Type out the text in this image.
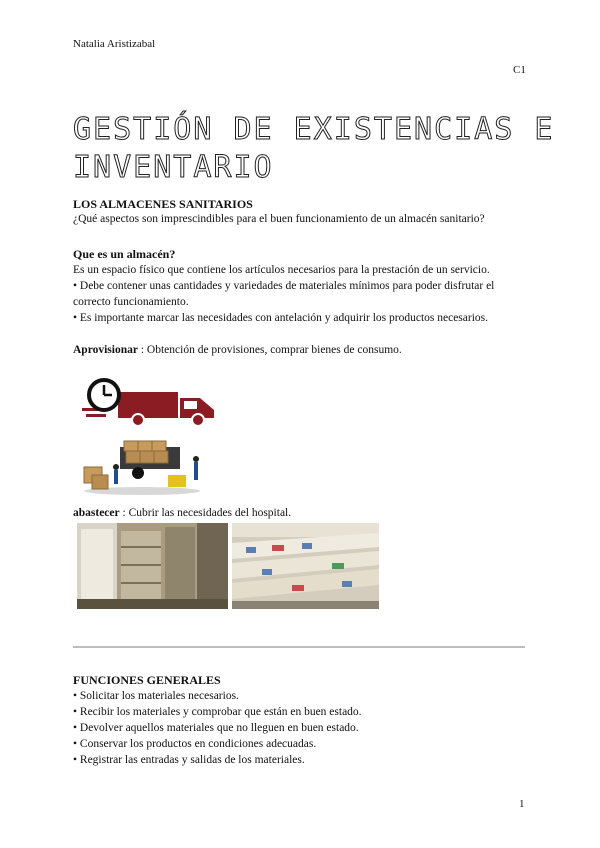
Natalia Aristizabal
C1
GESTIÓN DE EXISTENCIAS E
INVENTARIO
LOS ALMACENES SANITARIOS
¿Qué aspectos son imprescindibles para el buen funcionamiento de un almacén sanitario?
Que es un almacén?
Es un espacio físico que contiene los artículos necesarios para la prestación de un servicio.
• Debe contener unas cantidades y variedades de materiales mínimos para poder disfrutar el
correcto funcionamiento.
• Es importante marcar las necesidades con antelación y adquirir los productos necesarios.
Aprovisionar : Obtención de provisiones, comprar bienes de consumo.
abastecer : Cubrir las necesidades del hospital.
FUNCIONES GENERALES
• Solicitar los materiales necesarios.
• Recibir los materiales y comprobar que están en buen estado.
• Devolver aquellos materiales que no lleguen en buen estado.
• Conservar los productos en condiciones adecuadas.
• Registrar las entradas y salidas de los materiales.
1
